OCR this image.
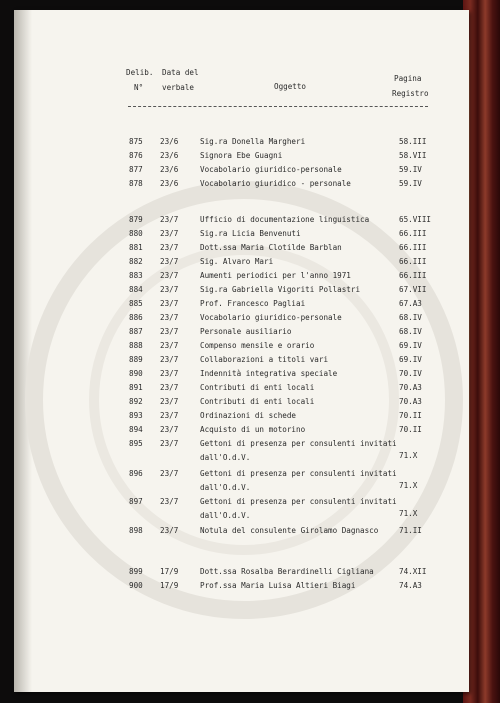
Delib.
N°
Data del
verbale	Oggetto
Pagina
Registro
875 23/6	Sig.ra Donella Margheri	58.III
876 23/6	Signora Ebe Guagni	58.VII
877 23/6	Vocabolario giuridico-personale	59.IV
878 23/6	Vocabolario giuridico - personale	59.IV
879 23/7	Ufficio di documentazione linguistica	65.VIII
880 23/7	Sig.ra Licia Benvenuti	66.III
881 23/7	Dott.ssa Maria Clotilde Barblan	66.III
882 23/7	Sig. Alvaro Mari	66.III
883 23/7	Aumenti periodici per l'anno 1971	66.III
884 23/7	Sig.ra Gabriella Vigoriti Pollastri	67.VII
885 23/7	Prof. Francesco Pagliai	67.A3
886 23/7	Vocabolario giuridico-personale	68.IV
887 23/7	Personale ausiliario	68.IV
888 23/7	Compenso mensile e orario	69.IV
889 23/7	Collaborazioni a titoli vari	69.IV
890 23/7	Indennità integrativa speciale	70.IV
891 23/7	Contributi di enti locali	70.A3
892 23/7	Contributi di enti locali	70.A3
893 23/7	Ordinazioni di schede	70.II
894 23/7	Acquisto di un motorino	70.II
895 23/7	Gettoni di presenza per consulenti invitati
dall'O.d.V.	71.X
896 23/7	Gettoni di presenza per consulenti invitati
dall'O.d.V.	71.X
897 23/7	Gettoni di presenza per consulenti invitati
dall'O.d.V.	71.X
898 23/7	Notula del consulente Girolamo Dagnasco	71.II
899 17/9	Dott.ssa Rosalba Berardinelli Cigliana	74.XII
900 17/9	Prof.ssa Maria Luisa Altieri Biagi	74.A3
